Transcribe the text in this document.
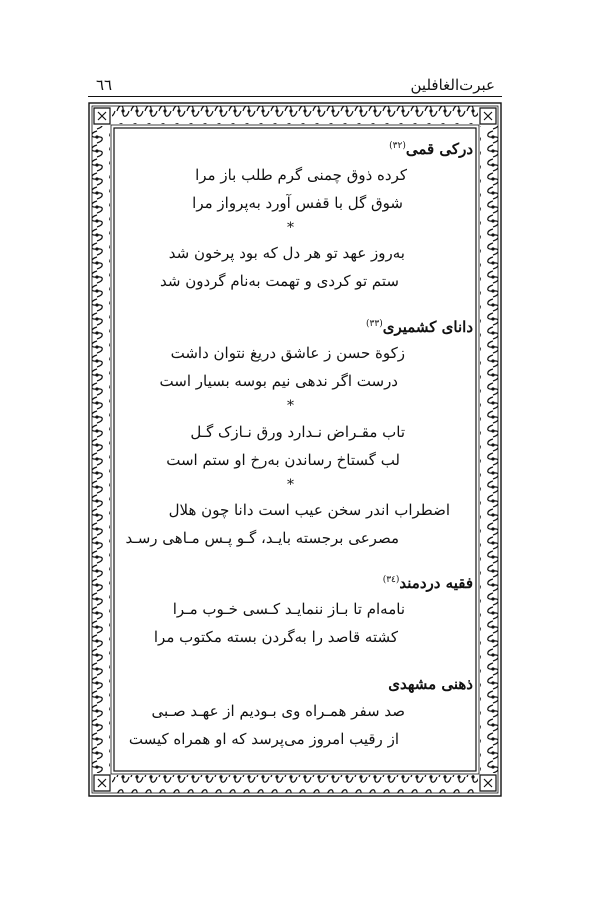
عبرت‌الغافلین
٦٦
درکی قمی$^{(٣٢)}$
کرده ذوق چمنی گرم طلب باز مرا
شوق گل با قفس آورد به‌پرواز مرا
*
به‌روز عهد تو هر دل که بود پرخون شد
ستم تو کردی و تهمت به‌نام گردون شد
دانای کشمیری$^{(٣٣)}$
زکوة حسن ز عاشق دریغ نتوان داشت
درست اگر ندهی نیم بوسه بسیار است
*
تاب مقـراض نـدارد ورق نـازک گـل
لب گستاخ رساندن به‌رخ او ستم است
*
اضطراب اندر سخن عیب است دانا چون هلال
مصرعی برجسته بایـد، گـو پـس مـاهی رسـد
فقیه دردمند$^{(٣٤)}$
نامه‌ام تا بـاز ننمایـد کـسی خـوب مـرا
کشته قاصد را به‌گردن بسته مکتوب مرا
ذهنی مشهدی
صد سفر همـراه وی بـودیم از عهـد صـبی
از رقیب امروز می‌پرسد که او همراه کیست
